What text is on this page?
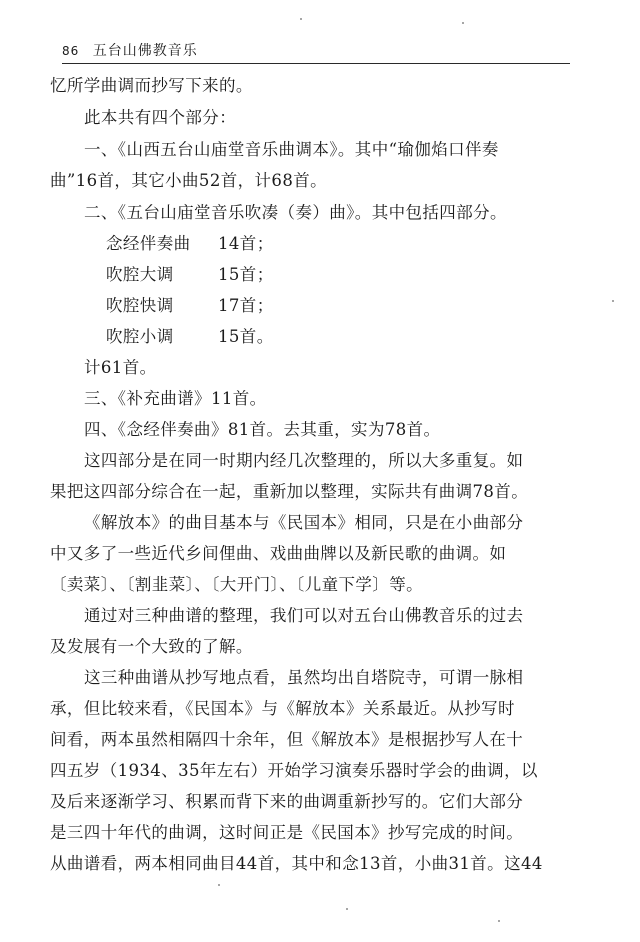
86 五台山佛教音乐
忆所学曲调而抄写下来的。
此本共有四个部分：
一、《山西五台山庙堂音乐曲调本》。其中“瑜伽焰口伴奏
曲”16首，其它小曲52首，计68首。
二、《五台山庙堂音乐吹凑（奏）曲》。其中包括四部分。
念经伴奏曲 14首；
吹腔大调	15首；
吹腔快调	17首；
吹腔小调	15首。
计61首。
三、《补充曲谱》11首。
四、《念经伴奏曲》81首。去其重，实为78首。
这四部分是在同一时期内经几次整理的，所以大多重复。如
果把这四部分综合在一起，重新加以整理，实际共有曲调78首。
《解放本》的曲目基本与《民国本》相同，只是在小曲部分
中又多了一些近代乡间俚曲、戏曲曲牌以及新民歌的曲调。如
〔卖菜〕、〔割韭菜〕、〔大开门〕、〔儿童下学〕等。
通过对三种曲谱的整理，我们可以对五台山佛教音乐的过去
及发展有一个大致的了解。
这三种曲谱从抄写地点看，虽然均出自塔院寺，可谓一脉相
承，但比较来看，《民国本》与《解放本》关系最近。从抄写时
间看，两本虽然相隔四十余年，但《解放本》是根据抄写人在十
四五岁（1934、35年左右）开始学习演奏乐器时学会的曲调，以
及后来逐渐学习、积累而背下来的曲调重新抄写的。它们大部分
是三四十年代的曲调，这时间正是《民国本》抄写完成的时间。
从曲谱看，两本相同曲目44首，其中和念13首，小曲31首。这44
